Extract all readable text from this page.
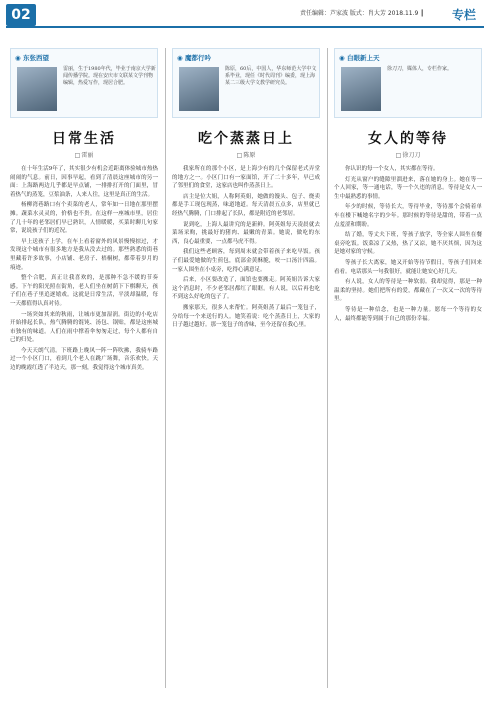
02	责任编辑：芦家波 版式：肖大芳 2018.11.9 ┃	专栏
◉ 东张西望
雷丽，生于1980年代，毕业于南京大学新闻传播学院。现在安庆市文联某文学刊物编辑，热爱写作，现居合肥。
日常生活
□ 雷丽

在十年生活9年了，其实很少有机会近距离体验城市热热闹闹的气息。前日，因事早起，看到了清晨这座城市的另一面：上海路两边几乎都是早点铺，一排排打开的门面里，冒着热气的蒸笼，豆浆油条，人来人往，这里是真正的生活。

杨柳湾巷路口有个卖菜的老人，常年如一日地在那里摆摊。蔬菜水灵灵的，价格也不贵。在这样一座城市里，居住了几十年的老邻居们早已熟识，人情暖暖，买菜时聊几句家常，说说孩子们的近况。

早上送孩子上学，在车上看着窗外的风景慢慢掠过，才发现这个城市有很多地方是我从没去过的。那些熟悉的街巷里藏着许多故事，小店铺、老房子、梧桐树，都带着岁月的痕迹。

整个合肥，真正让我喜欢的，是那种不急不缓的节奏感。下午的阳光照在街角，老人们坐在树荫下下棋聊天，孩子们在巷子里追逐嬉戏。这就是日常生活，平淡却温暖，每一天都值得认真对待。

一场突如其来的秋雨，让城市更加湿润。街边的小吃店开始排起长队，热气腾腾的馄饨、汤包、锅贴，都是这座城市独有的味道。人们在雨中撑着伞匆匆走过，每个人都有自己的归处。

今天天朗气清。下班路上晚风一阵一阵吹拂，我骑车路过一个小区门口，看到几个老人在跳广场舞，音乐欢快。天边的晚霞红透了半边天，那一刻，我觉得这个城市真美。

◉ 魔都行吟
陈原，60后，中国人，华东师范大学中文系毕业，现任《时代周刊》编委，现上海某二三级大学文教学研究员。
吃个蒸蒸日上
□ 陈原

我家所在的那个小区，是上海少有的几个保留老式弄堂的地方之一。小区门口有一家面馆，开了二十多年，早已成了邻里们的食堂，这家店也叫作蒸蒸日上。

店主是位大姐，人称阿英姐，她做的馒头、包子、烧卖都是手工现包现蒸，味道地道。每天清晨五点多，店里就已经热气腾腾，门口排起了长队，都是附近的老邻居。

说到吃，上海人最讲究的是新鲜。阿英姐每天凌晨就去菜场采购，挑最好的猪肉、最嫩的青菜。她说，做吃的东西，良心最重要，一点都马虎不得。

我们这些老顾客，每到周末就会带着孩子来吃早饭。孩子们最爱她做的生煎包，底部金黄酥脆，咬一口汤汁四溢。一家人围坐在小桌旁，吃得心满意足。

后来，小区要改造了，面馆也要搬走。阿英姐告诉大家这个消息时，不少老邻居都红了眼眶。有人说，以后再也吃不到这么好吃的包子了。

搬家那天，很多人来帮忙。阿英姐蒸了最后一笼包子，分给每一个来送行的人。她笑着说：吃个蒸蒸日上，大家的日子越过越好。那一笼包子的香味，至今还留在我心里。

◉ 白眼新上天
徐刀刀，媒体人，专栏作家。
女人的等待
□ 徐刀刀

你认识的每一个女人，其实都在等待。

灯光从窗户的缝隙里溜进来，落在她的身上。她在等一个人回家，等一通电话，等一个久违的消息。等待是女人一生中最熟悉的事情。

年少的时候，等待长大，等待毕业，等待那个会骑着单车在楼下喊她名字的少年。那时候的等待是甜的，带着一点点羞涩和期盼。

结了婚，等丈夫下班，等孩子放学，等全家人围坐在餐桌旁吃饭。饭菜凉了又热，热了又凉，她不厌其烦，因为这是她对家的守候。

等孩子长大离家，她又开始等待节假日，等孩子们回来看看。电话那头一句我很好，就能让她安心好几天。

有人说，女人的等待是一种软弱。我却觉得，那是一种温柔的坚持。她们把所有的爱，都藏在了一次又一次的等待里。

等待是一种信念，也是一种力量。愿每一个等待的女人，最终都能等到属于自己的那份幸福。
